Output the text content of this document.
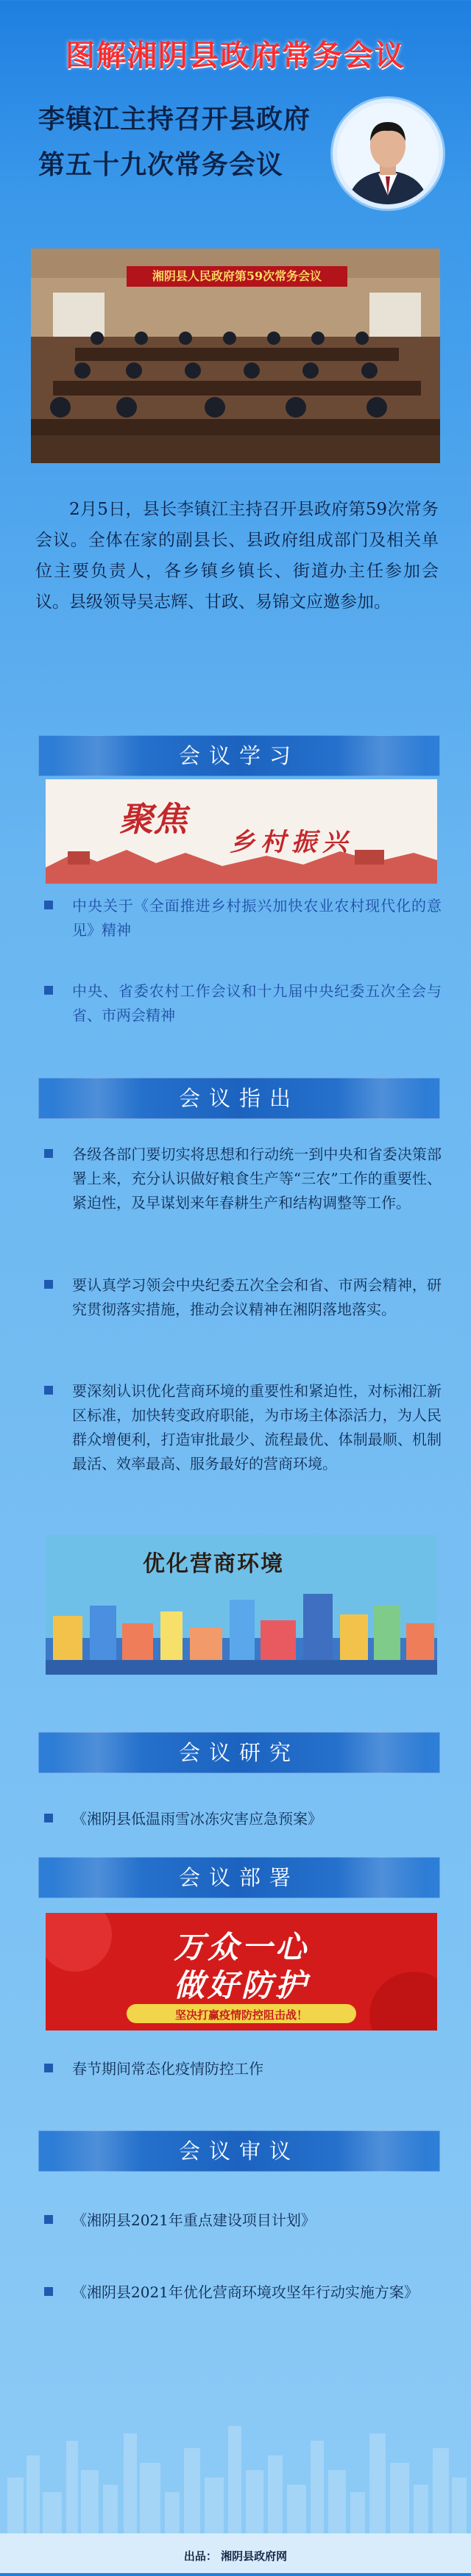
图解湘阴县政府常务会议
李镇江主持召开县政府
第五十九次常务会议
湘阴县人民政府第59次常务会议
2月5日，县长李镇江主持召开县政府第59次常务会议。全体在家的副县长、县政府组成部门及相关单位主要负责人，各乡镇乡镇长、街道办主任参加会议。县级领导吴志辉、甘政、易锦文应邀参加。
会议学习
聚焦
乡村振兴
中央关于《全面推进乡村振兴加快农业农村现代化的意见》精神
中央、省委农村工作会议和十九届中央纪委五次全会与省、市两会精神
会议指出
各级各部门要切实将思想和行动统一到中央和省委决策部署上来，充分认识做好粮食生产等“三农”工作的重要性、紧迫性，及早谋划来年春耕生产和结构调整等工作。
要认真学习领会中央纪委五次全会和省、市两会精神，研究贯彻落实措施，推动会议精神在湘阴落地落实。
要深刻认识优化营商环境的重要性和紧迫性，对标湘江新区标准，加快转变政府职能，为市场主体添活力，为人民群众增便利，打造审批最少、流程最优、体制最顺、机制最活、效率最高、服务最好的营商环境。
优化营商环境
会议研究
《湘阴县低温雨雪冰冻灾害应急预案》
会议部署
万众一心
做好防护
坚决打赢疫情防控阻击战！
春节期间常态化疫情防控工作
会议审议
《湘阴县2021年重点建设项目计划》
《湘阴县2021年优化营商环境攻坚年行动实施方案》
出品： 湘阴县政府网
